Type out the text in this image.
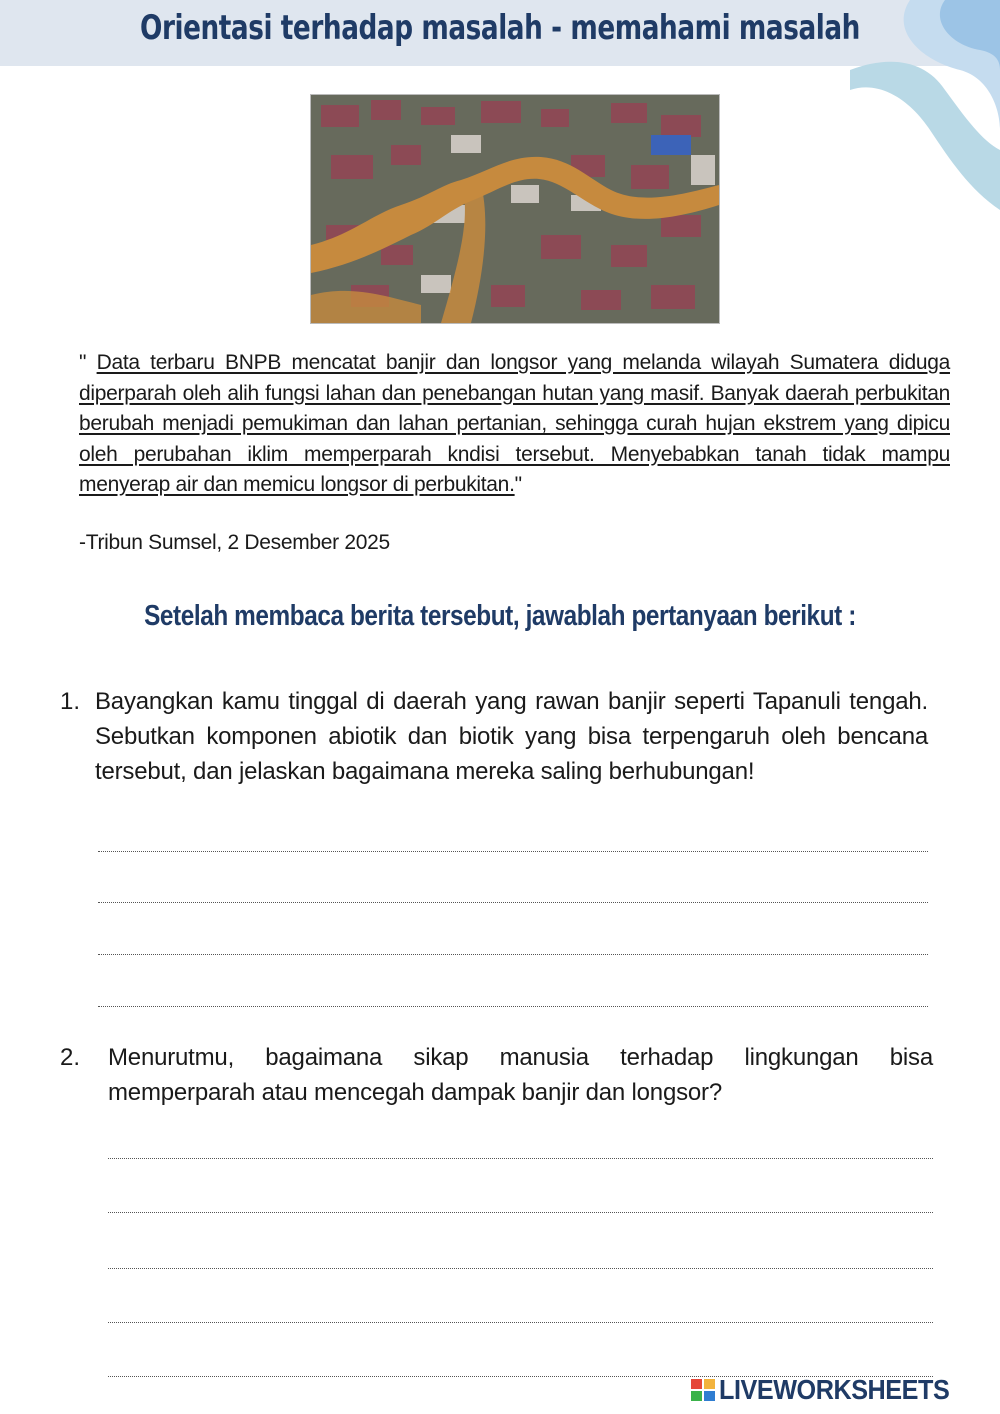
Orientasi terhadap masalah - memahami masalah
" Data terbaru BNPB mencatat banjir dan longsor yang melanda wilayah Sumatera diduga diperparah oleh alih fungsi lahan dan penebangan hutan yang masif. Banyak daerah perbukitan berubah menjadi pemukiman dan lahan pertanian, sehingga curah hujan ekstrem yang dipicu oleh perubahan iklim memperparah kndisi tersebut. Menyebabkan tanah tidak mampu menyerap air dan memicu longsor di perbukitan."
-Tribun Sumsel, 2 Desember 2025
Setelah membaca berita tersebut, jawablah pertanyaan berikut :
1. Bayangkan kamu tinggal di daerah yang rawan banjir seperti Tapanuli tengah. Sebutkan komponen abiotik dan biotik yang bisa terpengaruh oleh bencana tersebut, dan jelaskan bagaimana mereka saling berhubungan!
2. Menurutmu, bagaimana sikap manusia terhadap lingkungan bisa memperparah atau mencegah dampak banjir dan longsor?
LIVEWORKSHEETS
